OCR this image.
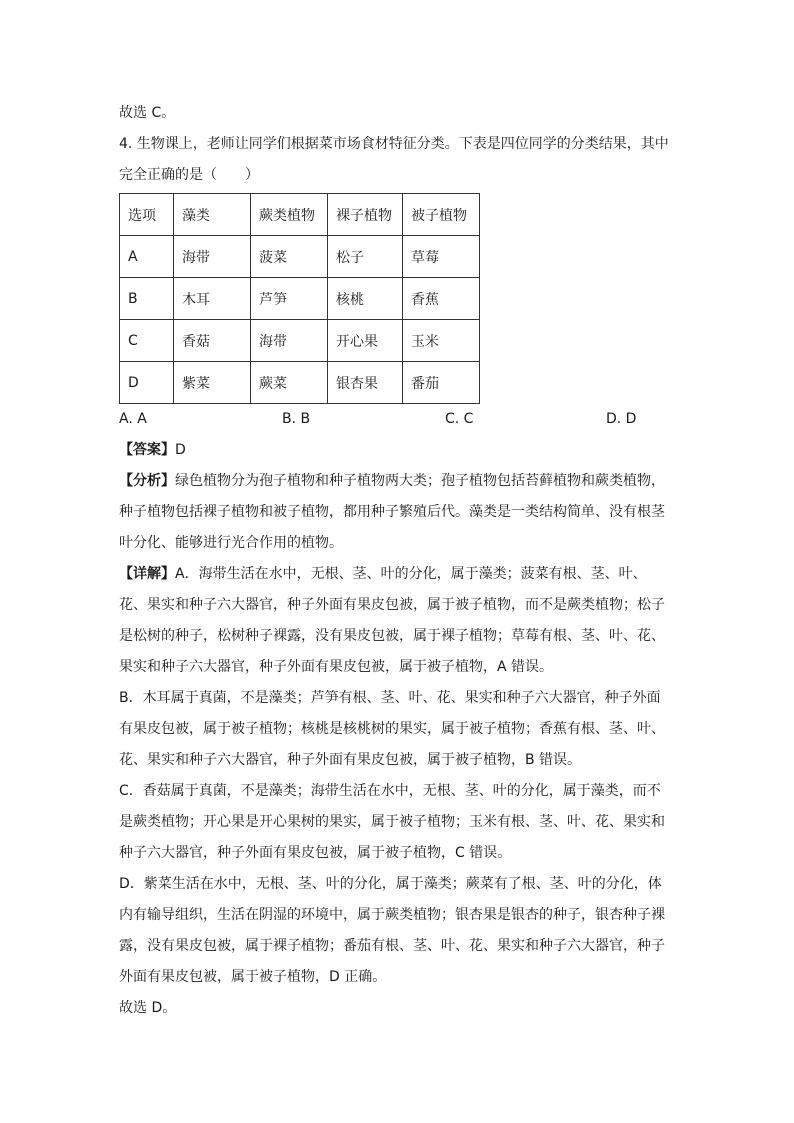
故选 C。
4. 生物课上，老师让同学们根据菜市场食材特征分类。下表是四位同学的分类结果，其中
完全正确的是（　　）
选项	藻类	蕨类植物	裸子植物	被子植物
A	海带	菠菜	松子	草莓
B	木耳	芦笋	核桃	香蕉
C	香菇	海带	开心果	玉米
D	紫菜	蕨菜	银杏果	番茄
A. A	B. B	C. C	D. D
【答案】D
【分析】绿色植物分为孢子植物和种子植物两大类；孢子植物包括苔藓植物和蕨类植物，
种子植物包括裸子植物和被子植物，都用种子繁殖后代。藻类是一类结构简单、没有根茎
叶分化、能够进行光合作用的植物。
【详解】A．海带生活在水中，无根、茎、叶的分化，属于藻类；菠菜有根、茎、叶、
花、果实和种子六大器官，种子外面有果皮包被，属于被子植物，而不是蕨类植物；松子
是松树的种子，松树种子裸露，没有果皮包被，属于裸子植物；草莓有根、茎、叶、花、
果实和种子六大器官，种子外面有果皮包被，属于被子植物，A 错误。
B．木耳属于真菌，不是藻类；芦笋有根、茎、叶、花、果实和种子六大器官，种子外面
有果皮包被，属于被子植物；核桃是核桃树的果实，属于被子植物；香蕉有根、茎、叶、
花、果实和种子六大器官，种子外面有果皮包被，属于被子植物，B 错误。
C．香菇属于真菌，不是藻类；海带生活在水中，无根、茎、叶的分化，属于藻类，而不
是蕨类植物；开心果是开心果树的果实，属于被子植物；玉米有根、茎、叶、花、果实和
种子六大器官，种子外面有果皮包被，属于被子植物，C 错误。
D．紫菜生活在水中，无根、茎、叶的分化，属于藻类；蕨菜有了根、茎、叶的分化，体
内有输导组织，生活在阴湿的环境中，属于蕨类植物；银杏果是银杏的种子，银杏种子裸
露，没有果皮包被，属于裸子植物；番茄有根、茎、叶、花、果实和种子六大器官，种子
外面有果皮包被，属于被子植物，D 正确。
故选 D。
